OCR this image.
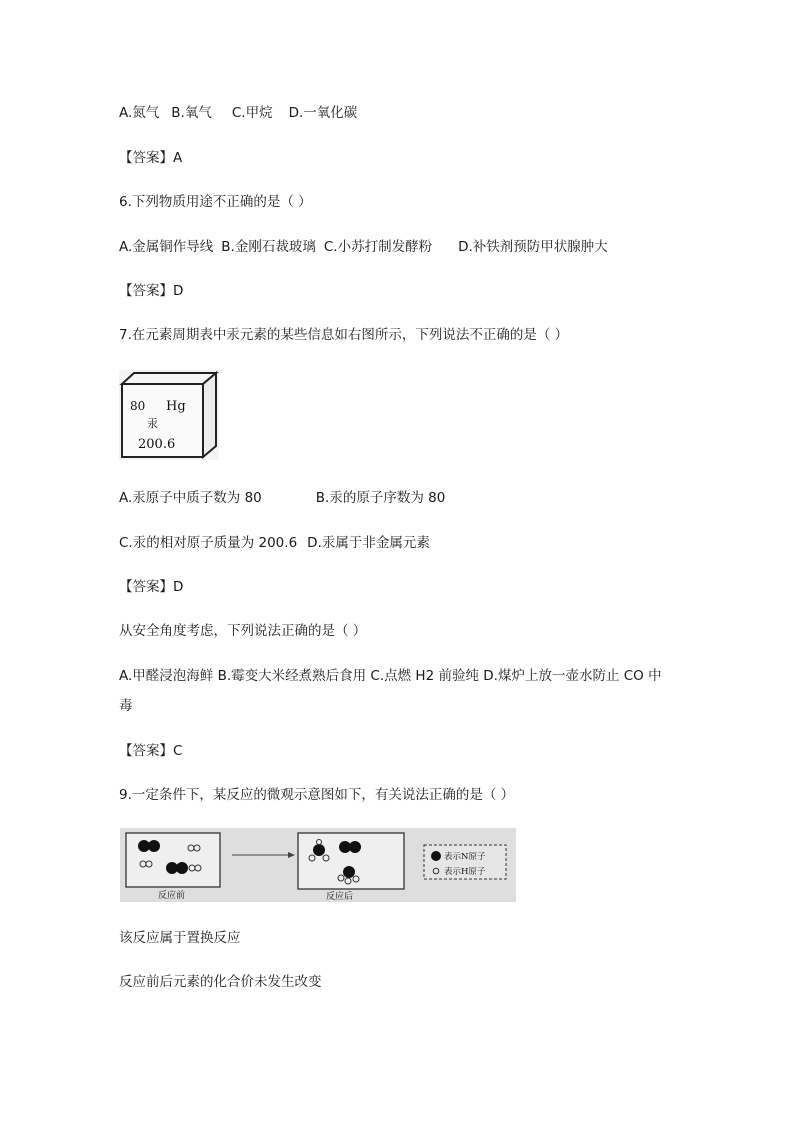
A.氮气 B.氧气 C.甲烷 D.一氧化碳
【答案】A
6.下列物质用途不正确的是（ ）
A.金属铜作导线 B.金刚石裁玻璃 C.小苏打制发酵粉 D.补铁剂预防甲状腺肿大
【答案】D
7.在元素周期表中汞元素的某些信息如右图所示，下列说法不正确的是（ ）
80 Hg
汞
200.6
A.汞原子中质子数为 80	B.汞的原子序数为 80
C.汞的相对原子质量为 200.6 D.汞属于非金属元素
【答案】D
从安全角度考虑，下列说法正确的是（ ）
A.甲醛浸泡海鲜 B.霉变大米经煮熟后食用 C.点燃 H2 前验纯 D.煤炉上放一壶水防止 CO 中
毒
【答案】C
9.一定条件下，某反应的微观示意图如下，有关说法正确的是（ ）
反应前	反应后
表示N原子
表示H原子
该反应属于置换反应
反应前后元素的化合价未发生改变
